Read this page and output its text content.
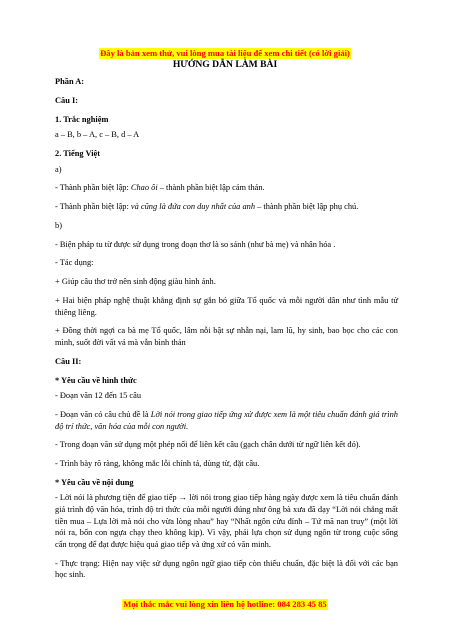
Đây là bản xem thử, vui lòng mua tài liệu để xem chi tiết (có lời giải)
HƯỚNG DẪN LÀM BÀI

Phần A:

Câu I:

1. Trắc nghiệm

a – B, b – A, c – B, d – A

2. Tiếng Việt

a)

- Thành phần biệt lập: Chao ôi – thành phần biệt lập cảm thán.

- Thành phần biệt lập: và cũng là đứa con duy nhất của anh – thành phần biệt lập phụ chú.

b)

- Biện pháp tu từ được sử dụng trong đoạn thơ là so sánh (như bà mẹ) và nhân hóa .

- Tác dụng:

+ Giúp câu thơ trở nên sinh động giàu hình ảnh.

+ Hai biện pháp nghệ thuật khẳng định sự gắn bó giữa Tổ quốc và mỗi người dân như tình mẫu tử thiêng liêng.

+ Đồng thời ngợi ca bà mẹ Tổ quốc, lâm nỗi bật sự nhẫn nại, lam lũ, hy sinh, bao bọc cho các con mình, suốt đời vất vả mà vẫn bình thản

Câu II:

* Yêu cầu về hình thức

- Đoạn văn 12 đến 15 câu

- Đoạn văn có câu chủ đề là Lời nói trong giao tiếp ứng xử được xem là một tiêu chuẩn đánh giá trình độ trí thức, văn hóa của mỗi con người.

- Trong đoạn văn sử dụng một phép nối để liên kết câu (gạch chân dưới từ ngữ liên kết đó).

- Trình bày rõ ràng, không mắc lỗi chính tả, dùng từ, đặt câu.

* Yêu cầu về nội dung

- Lời nói là phương tiện để giao tiếp → lời nói trong giao tiếp hàng ngày được xem là tiêu chuẩn đánh giá trình độ văn hóa, trình độ tri thức của mỗi người đúng như ông bà xưa đã dạy “Lời nói chẳng mất tiền mua – Lựa lời mà nói cho vừa lòng nhau” hay “Nhất ngôn cửu đỉnh – Tứ mã nan truy” (một lời nói ra, bốn con ngựa chạy theo không kịp). Vì vậy, phải lựa chọn sử dụng ngôn từ trong cuộc sống cẩn trọng để đạt được hiệu quả giao tiếp và ứng xử có văn minh.

- Thực trạng: Hiện nay việc sử dụng ngôn ngữ giao tiếp còn thiếu chuẩn, đặc biệt là đối với các bạn học sinh.

Mọi thắc mắc vui lòng xin liên hệ hotline: 084 283 45 85
